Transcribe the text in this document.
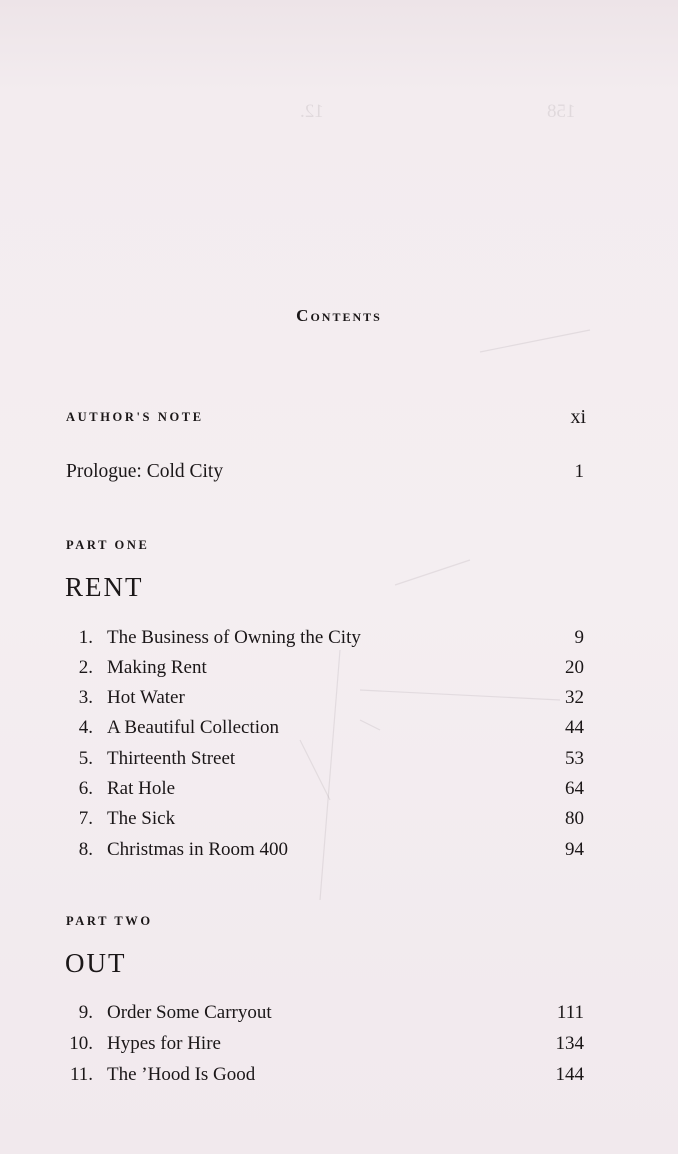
158                                               12.
Contents
AUTHOR'S NOTE	xi
Prologue: Cold City	1
PART ONE
RENT
1. The Business of Owning the City	9
2. Making Rent	20
3. Hot Water	32
4. A Beautiful Collection	44
5. Thirteenth Street	53
6. Rat Hole	64
7. The Sick	80
8. Christmas in Room 400	94
PART TWO
OUT
9. Order Some Carryout	111
10. Hypes for Hire	134
11. The ’Hood Is Good	144
